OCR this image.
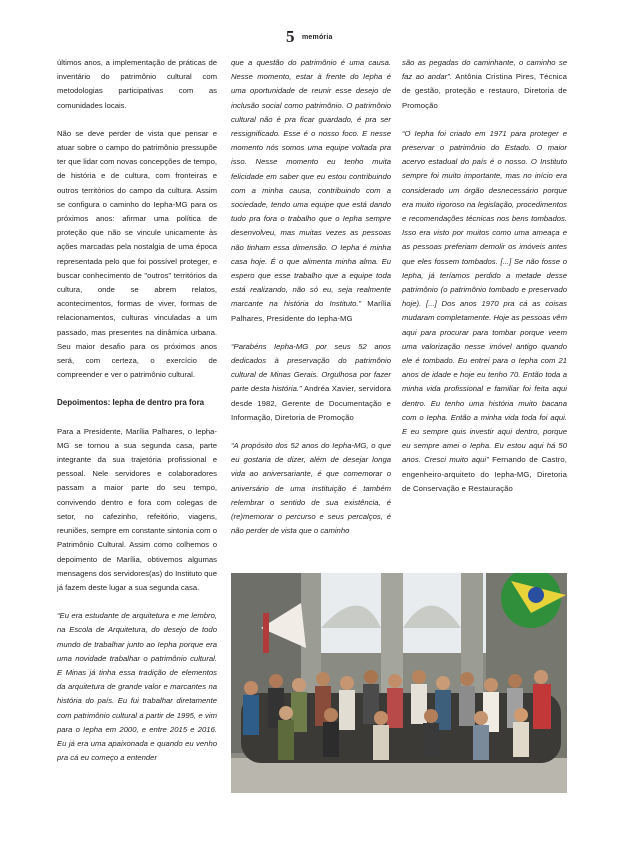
5 memória

últimos anos, a implementação de práticas de inventário do patrimônio cultural com metodologias participativas com as comunidades locais.

Não se deve perder de vista que pensar e atuar sobre o campo do patrimônio pressupõe ter que lidar com novas concepções de tempo, de história e de cultura, com fronteiras e outros territórios do campo da cultura. Assim se configura o caminho do Iepha-MG para os próximos anos: afirmar uma política de proteção que não se vincule unicamente às ações marcadas pela nostalgia de uma época representada pelo que foi possível proteger, e buscar conhecimento de "outros" territórios da cultura, onde se abrem relatos, acontecimentos, formas de viver, formas de relacionamentos, culturas vinculadas a um passado, mas presentes na dinâmica urbana. Seu maior desafio para os próximos anos será, com certeza, o exercício de compreender e ver o patrimônio cultural.

Depoimentos: Iepha de dentro pra fora

Para a Presidente, Marília Palhares, o Iepha-MG se tornou a sua segunda casa, parte integrante da sua trajetória profissional e pessoal. Nele servidores e colaboradores passam a maior parte do seu tempo, convivendo dentro e fora com colegas de setor, no cafezinho, refeitório, viagens, reuniões, sempre em constante sintonia com o Patrimônio Cultural. Assim como colhemos o depoimento de Marília, obtivemos algumas mensagens dos servidores(as) do Instituto que já fazem deste lugar a sua segunda casa.

“Eu era estudante de arquitetura e me lembro, na Escola de Arquitetura, do desejo de todo mundo de trabalhar junto ao Iepha porque era uma novidade trabalhar o patrimônio cultural. E Minas já tinha essa tradição de elementos da arquitetura de grande valor e marcantes na história do país. Eu fui trabalhar diretamente com patrimônio cultural a partir de 1995, e vim para o Iepha em 2000, e entre 2015 e 2016. Eu já era uma apaixonada e quando eu venho pra cá eu começo a entender

que a questão do patrimônio é uma causa. Nesse momento, estar à frente do Iepha é uma oportunidade de reunir esse desejo de inclusão social como patrimônio. O patrimônio cultural não é pra ficar guardado, é pra ser ressignificado. Esse é o nosso foco. E nesse momento nós somos uma equipe voltada pra isso. Nesse momento eu tenho muita felicidade em saber que eu estou contribuindo com a minha causa, contribuindo com a sociedade, tendo uma equipe que está dando tudo pra fora o trabalho que o Iepha sempre desenvolveu, mas muitas vezes as pessoas não tinham essa dimensão. O Iepha é minha casa hoje. É o que alimenta minha alma. Eu espero que esse trabalho que a equipe toda está realizando, não só eu, seja realmente marcante na história do Instituto.” Marília Palhares, Presidente do Iepha-MG

“Parabéns Iepha-MG por seus 52 anos dedicados à preservação do patrimônio cultural de Minas Gerais. Orgulhosa por fazer parte desta história.” Andréa Xavier, servidora desde 1982, Gerente de Documentação e Informação, Diretoria de Promoção

“A propósito dos 52 anos do Iepha-MG, o que eu gostaria de dizer, além de desejar longa vida ao aniversariante, é que comemorar o aniversário de uma instituição é também relembrar o sentido de sua existência, é (re)memorar o percurso e seus percalços, é não perder de vista que o caminho

são as pegadas do caminhante, o caminho se faz ao andar”. Antônia Cristina Pires, Técnica de gestão, proteção e restauro, Diretoria de Promoção

“O Iepha foi criado em 1971 para proteger e preservar o patrimônio do Estado. O maior acervo estadual do país é o nosso. O Instituto sempre foi muito importante, mas no início era considerado um órgão desnecessário porque era muito rigoroso na legislação, procedimentos e recomendações técnicas nos bens tombados. Isso era visto por muitos como uma ameaça e as pessoas preferiam demolir os imóveis antes que eles fossem tombados. [...] Se não fosse o Iepha, já teríamos perdido a metade desse patrimônio (o patrimônio tombado e preservado hoje). [...] Dos anos 1970 pra cá as coisas mudaram completamente. Hoje as pessoas vêm aqui para procurar para tombar porque veem uma valorização nesse imóvel antigo quando ele é tombado. Eu entrei para o Iepha com 21 anos de idade e hoje eu tenho 70. Então toda a minha vida profissional e familiar foi feita aqui dentro. Eu tenho uma história muito bacana com o Iepha. Então a minha vida toda foi aqui. E eu sempre quis investir aqui dentro, porque eu sempre amei o Iepha. Eu estou aqui há 50 anos. Cresci muito aqui” Fernando de Castro, engenheiro-arquiteto do Iepha-MG, Diretoria de Conservação e Restauração
